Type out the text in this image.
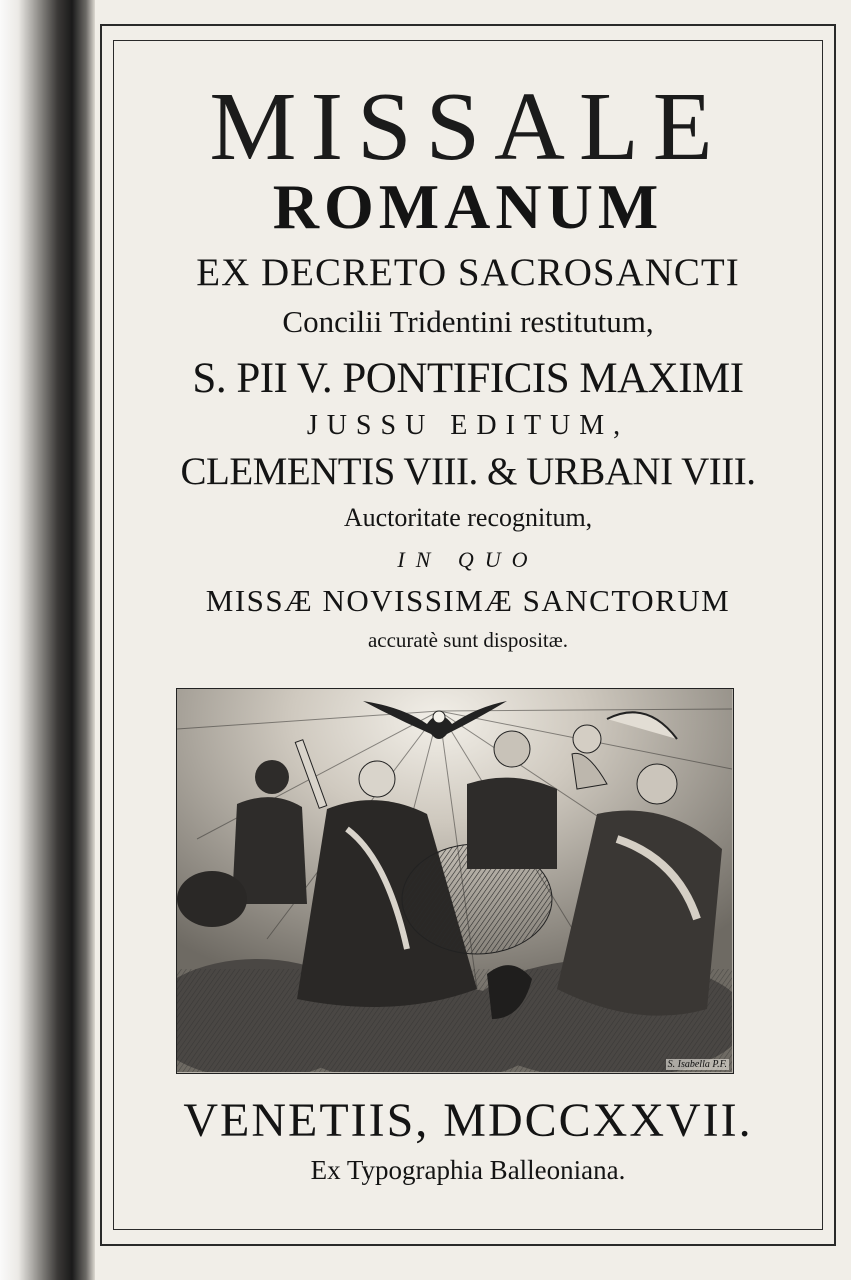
MISSALE
ROMANUM
EX DECRETO SACROSANCTI
Concilii Tridentini restitutum,
S. PII V. PONTIFICIS MAXIMI
JUSSU EDITUM,
CLEMENTIS VIII. & URBANI VIII.
Auctoritate recognitum,
IN QUO
MISSÆ NOVISSIMÆ SANCTORUM
accuratè sunt dispositæ.
S. Isabella P.F.
VENETIIS, MDCCXXVII.
Ex Typographia Balleoniana.
